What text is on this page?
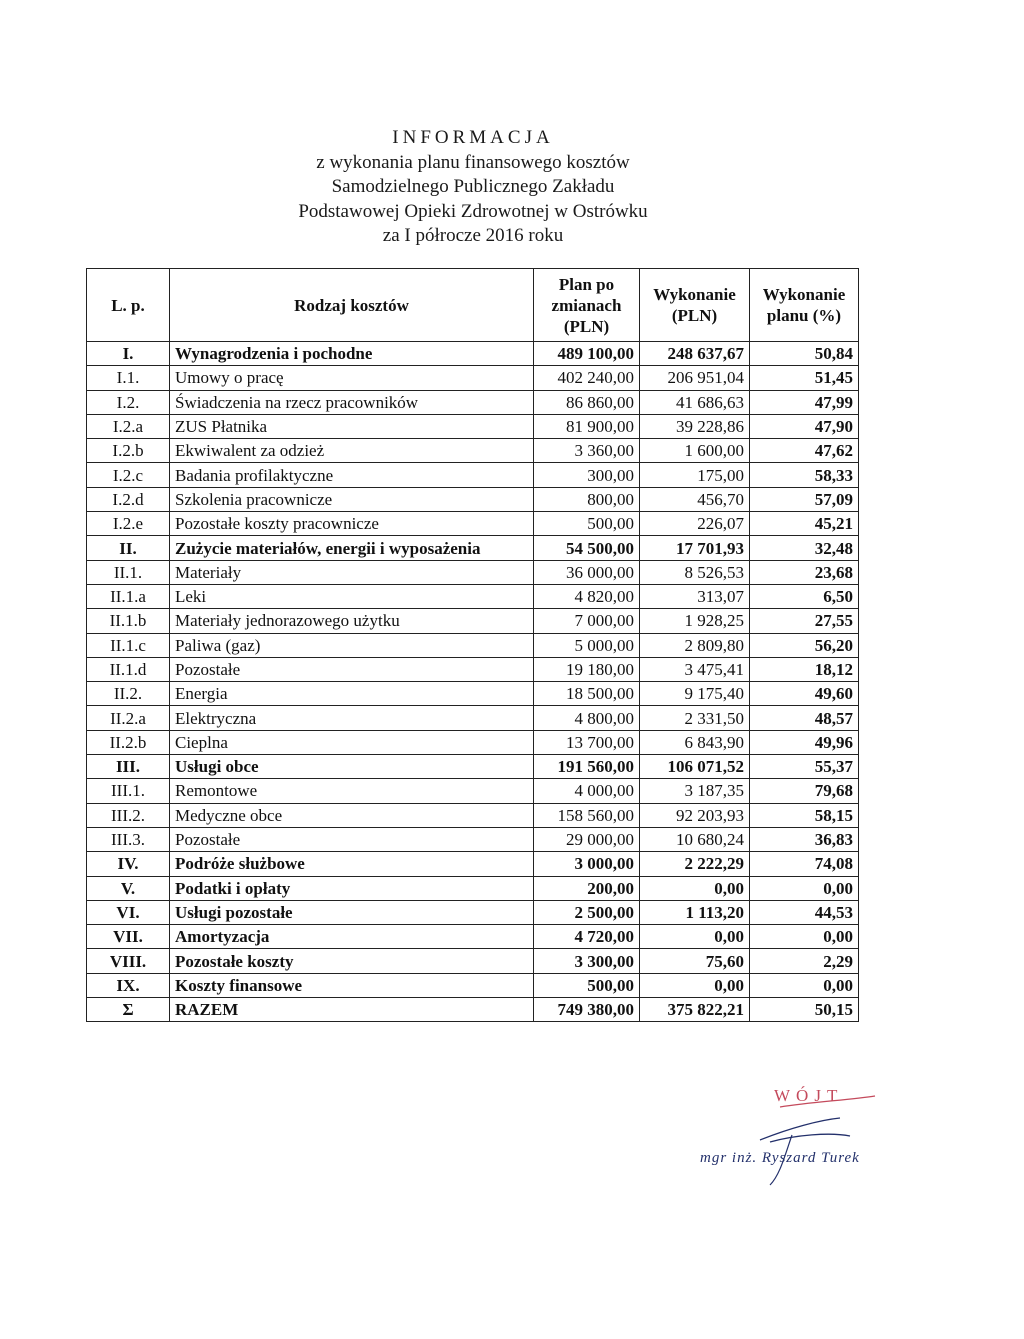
INFORMACJA
z wykonania planu finansowego kosztów
Samodzielnego Publicznego Zakładu
Podstawowej Opieki Zdrowotnej w Ostrówku
za I półrocze 2016 roku
L. p.	Rodzaj kosztów	Plan po zmianach (PLN)	Wykonanie (PLN)	Wykonanie planu (%)
I.	Wynagrodzenia i pochodne	489 100,00	248 637,67	50,84
I.1.	Umowy o pracę	402 240,00	206 951,04	51,45
I.2.	Świadczenia na rzecz pracowników	86 860,00	41 686,63	47,99
I.2.a	ZUS Płatnika	81 900,00	39 228,86	47,90
I.2.b	Ekwiwalent za odzież	3 360,00	1 600,00	47,62
I.2.c	Badania profilaktyczne	300,00	175,00	58,33
I.2.d	Szkolenia pracownicze	800,00	456,70	57,09
I.2.e	Pozostałe koszty pracownicze	500,00	226,07	45,21
II.	Zużycie materiałów, energii i wyposażenia	54 500,00	17 701,93	32,48
II.1.	Materiały	36 000,00	8 526,53	23,68
II.1.a	Leki	4 820,00	313,07	6,50
II.1.b	Materiały jednorazowego użytku	7 000,00	1 928,25	27,55
II.1.c	Paliwa (gaz)	5 000,00	2 809,80	56,20
II.1.d	Pozostałe	19 180,00	3 475,41	18,12
II.2.	Energia	18 500,00	9 175,40	49,60
II.2.a	Elektryczna	4 800,00	2 331,50	48,57
II.2.b	Cieplna	13 700,00	6 843,90	49,96
III.	Usługi obce	191 560,00	106 071,52	55,37
III.1.	Remontowe	4 000,00	3 187,35	79,68
III.2.	Medyczne obce	158 560,00	92 203,93	58,15
III.3.	Pozostałe	29 000,00	10 680,24	36,83
IV.	Podróże służbowe	3 000,00	2 222,29	74,08
V.	Podatki i opłaty	200,00	0,00	0,00
VI.	Usługi pozostałe	2 500,00	1 113,20	44,53
VII.	Amortyzacja	4 720,00	0,00	0,00
VIII.	Pozostałe koszty	3 300,00	75,60	2,29
IX.	Koszty finansowe	500,00	0,00	0,00
Σ	RAZEM	749 380,00	375 822,21	50,15
WÓJT
mgr inż. Ryszard Turek
